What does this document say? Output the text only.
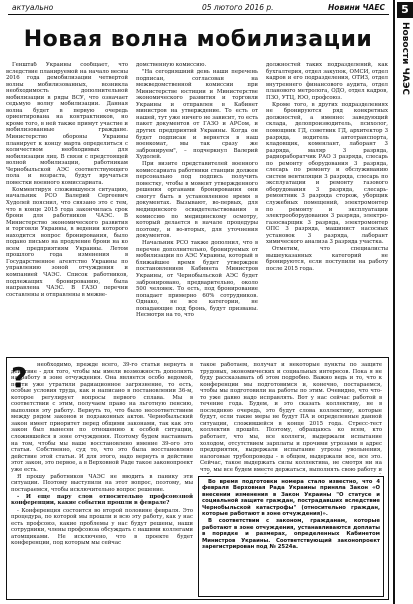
актуально	05 лютого 2016 р.	Новини ЧАЕС	5
Новости ЧАЭС
Новая волна мобилизации

Генштаб Украины сообщает, что вследствие планируемой на начало весны 2016 года демобилизации четвертой волны мобилизованных, возникла необходимость дополнительной мобилизации в ряды ВСУ, что означает седьмую волну мобилизации. Данная волна будет в первую очередь ориентирована на контрактников, но кроме того, в ней также примут участие и мобилизованные граждане. Министерство обороны Украины планирует к концу марта определиться с количеством необходимых для мобилизации лиц. В связи с предстоящей волной мобилизации, работникам Чернобыльской АЭС соответствующего пола и возраста, будут вручаться повестки военного комиссариата.

Комментируя сложившуюся ситуацию, начальник РСО Валерий Сергеевич Худолей пояснил, что связано это с тем, что в конце 2015 года закончилась срок брони для работников ЧАЭС. В Министерство экономического развития и торговли Украины, в ведении которого находится вопрос бронирования, было подано письмо на продление брони на ко всем предприятиям Украины. Летом прошлого года изменения в Государственное агентство Украины по управлению зоной отчуждения и компанией ЧАЭС. Список работников, подлежащих бронированию, была направлена ЧАЭС. В ГАЗО перечни составлены и отправлены в межве-

домственную комиссию.

"На сегодняшний день наши перечень подписан, согласован на межведомственной комиссии при Министерстве юстиции и Министерстве экономического развития и торговли Украины и отправлен в Кабинет министров на утверждение. То есть от нашей, тут уже ничего не зависит, то есть пакет документов от ГАЗО и АРСом, и других предприятий Украины. Когда он будет подписан и вернется в наш военкомат, мы так сразу же забронируем", – подчеркнул Валерий Худолей.

При визите представителей военного комиссариата работники станции должен персонально под подпись получить повестку, чтобы в момент утвержденного решения органами бронирования они смогут быть в установленное время в документах. Вызывают, во-первых, для медицинского освидетельствования в комиссию по медицинскому осмотру, который делается в начале процедуры поэтому, и во-вторых, для уточнения документов.

Начальник РСО также дополнил, что в перечне дополнительно, бронируемых от мобилизации по АЭС Украины, который в ближайшее время будет утвержден постановлением Кабинета Министров Украины, от Чернобыльской АЭС будет забронировано, предварительно, около 500 человек. То есть, под бронирование попадает примерно 60% сотрудников. Однако, не все категории, не попадающие под бронь, будут призваны. Несмотря на то, что

должностей таких подразделений, как бухгалтерия, отдел закупок, ОМСИ, отдел кадров и его подразделения, ОТИЗ, отдел внутреннего финансового аудита, отдел планового метролога, ОДО, отдел кадров, ПЗО, УТЦ, ЮО, профсоюз.

Кроме того, в других подразделениях не бронируются ряд конкретных должностей, а именно: заведующий склада, делопроизводитель, психолог, помощник ГД, советник ГД, архитектор 3 разряда, водитель автотранспорта, кладовщик, коменлант, лаборант 3 разряда, маляр 3 разряда, радиораборатчик РАО 3 разряда, слесарь по ремонту оборудования 3 разряда, слесарь по ремонту и обслуживанию систем вентиляции 3 разряда, слесарь по эксплуатации и ремонту газового оборудования 3 разряда, слесарь-ремонтник 3 разряда сторож, уборщик служебных помещений, электромонтер по ремонту и эксплуатации электрооборудования 3 разряда, электро-газосварщик 3 разряда, электромонтер ОПС 3 разряда, машинист насосных установок 3 разряда, лаборант химического анализа 3 разряда участка.

Отметим, что специалисты вышеуказанных категорий не бронируются, если поступили на работу после 2015 года.

?	необходимо, прежде всего, 39-го статьи вернуть в действие - для того, чтобы мы имели возможность дополнять на работу в зоне отчуждения. Она является особо ведомой, почти уже утратили радиационное загрязнение, то есть, особые условия труда, как и написано в постановлении 36-м, которое регулирует вопросы первого сплава. Мы в соответствии с этим, получаем право на льготную пенсию, выполняя эту работу. Вернуть то, что было несоответствием между рядом законов и подзаконных актов. Чернобыльский закон имеет приоритет перед общими законами, так как это закон был вынесен по отношению к особой ситуации, сложившейся в зоне отчуждения. Поэтому будем настаивать на том, чтобы мы ваше восстановлено имение 39-ого это статьи. Собственно, суд то, что это была восстановлено действие этой статьи. И для этого, надо вернуть в действие этот закон, это первое, а в Верховной Раде такое законопроект уже есть.

Я прошу работников ЧАЭС не вводить в панику эти ситуации. Поэтому выступили на этот вопрос, поэтому, мы постараемся, чтобы исключительно вопрос решение.

- И еще пару слов относительно профсоюзной конференции, какие события прошли в феврале?

- Конференция состоится во второй половине февраля. Это процедура, по которой мы прошли и всю эту работу, как у нас есть профсоюз, какие проблемы у нас будут решены, наши сотрудники, члены профсоюза обсуждать с нашими коллегами атомщиками. Не исключено, что в проекте будет конференции, под которым мы сейчас

такое работаем, получат и некоторые пункты по защите трудовых, экономических и социальных интересов. Пока я не буду рассказывать об этом подробно. Важно ведь и то, что к конференции мы подготовимся и, конечно, постараемся, чтобы мы подготовили на работы по этим. Очевидно, что что-то уже давно надо исправлять. Вот у нас сейчас работой в течение года. Будем, и это сказать коллективу, не в последнюю очередь, это будут слова коллективу, которые будут, если такие меры не будут ПА и определенные данной ситуации, сложившейся в конце 2015 года. Стресс-тест коллектив прошёл. Поэтому, обращаюсь ко всем, кто работает, что мы, все коллеги, выдержали испытание холодом, отсутствием зарплаты и прочими угрозами в адрес предприятия, выдержали испытание угрозы увольнения, налоговые трубопроводы - в общем, выдержали все, все это. Сейчас, такое выдержать силы коллектива, не смотря ни на что, мы все будем вместе держаться, выполнять свою работу и

Во время подготовки номера стало известно, что 4 февраля Верховная Рада Украины приняла Закон «О внесении изменения в Закон Украины "О статусе и социальной защите граждан, пострадавших вследствие Чернобыльской катастрофы" (относительно граждан, которые работают в зоне отчуждения)».

В соответствии с законом, гражданам, которые работают в зоне отчуждения, устанавливаются доплаты в порядке и размерах, определенных Кабинетом Министров Украины. Соответствующий законопроект зарегистрирован под № 2524а.
